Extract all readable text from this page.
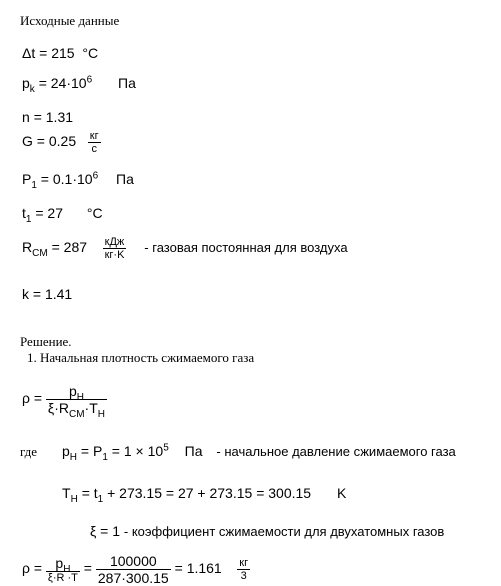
Исходные данные
Δt = 215 °C
$p_k = 24\cdot 10^6$ Па
n = 1.31
$G = 0.25 \frac{кг}{с}$
$P_1 = 0.1\cdot 10^6$ Па
$t_1 = 27$ °C
$R_{CM} = 287 \frac{\text{кДж}}{кг\cdot K}$ - газовая постоянная для воздуха
k = 1.41
Решение.
1. Начальная плотность сжимаемого газа
$\rho = \frac{p_H}{\xi\cdot R_{CM}\cdot T_H}$
где $p_H = P_1 = 1 \times 10^5$ Па - начальное давление сжимаемого газа
$T_H = t_1 + 273.15 = 27 + 273.15 = 300.15$ K
ξ = 1 - коэффициент сжимаемости для двухатомных газов
$\rho = \frac{p_H}{\xi\cdot R \cdot T} = \frac{100000}{287\cdot 300.15} = 1.161 \frac{кг}{3}$
